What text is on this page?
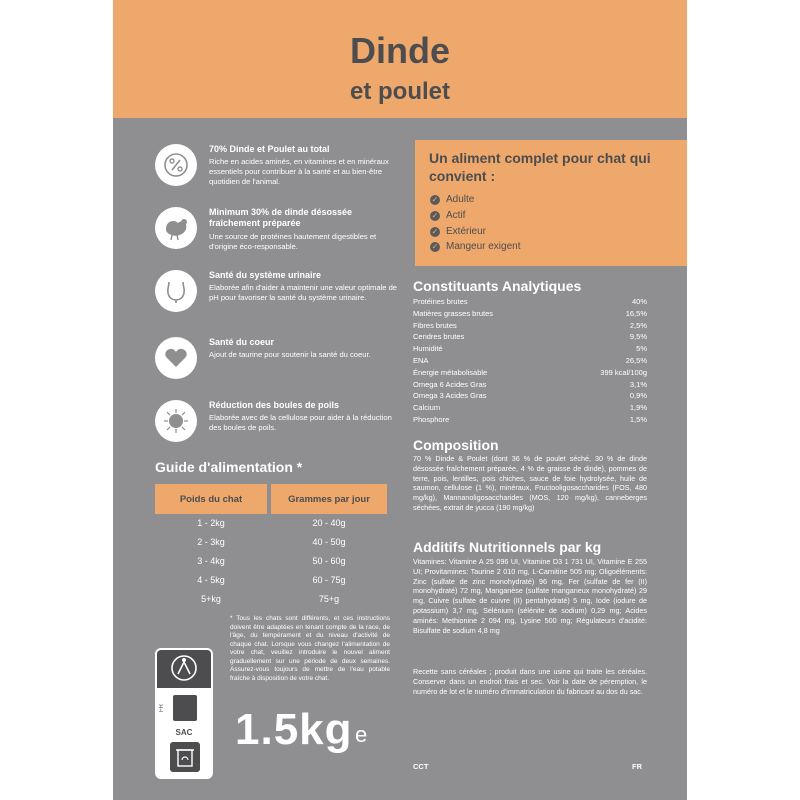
Dinde
et poulet
70% Dinde et Poulet au total
Riche en acides aminés, en vitamines et en minéraux essentiels pour contribuer à la santé et au bien-être quotidien de l'animal.
Minimum 30% de dinde désossée fraîchement préparée
Une source de protéines hautement digestibles et d'origine éco-responsable.
Santé du système urinaire
Elaborée afin d'aider à maintenir une valeur optimale de pH pour favoriser la santé du système urinaire.
Santé du coeur
Ajout de taurine pour soutenir la santé du coeur.
Réduction des boules de poils
Elaborée avec de la cellulose pour aider à la réduction des boules de poils.
Un aliment complet pour chat qui convient :
✓ Adulte
✓ Actif
✓ Extérieur
✓ Mangeur exigent
Constituants Analytiques
Protéines brutes	40%
Matières grasses brutes	16,5%
Fibres brutes	2,5%
Cendres brutes	9,5%
Humidité	5%
ENA	26,5%
Énergie métabolisable	399 kcal/100g
Omega 6 Acides Gras	3,1%
Omega 3 Acides Gras	0,9%
Calcium	1,9%
Phosphore	1,5%
Composition
70 % Dinde & Poulet (dont 36 % de poulet séché, 30 % de dinde désossée fraîchement préparée, 4 % de graisse de dinde), pommes de terre, pois, lentilles, pois chiches, sauce de foie hydrolysée, huile de saumon, cellulose (1 %), minéraux, Fructooligosaccharides (FOS, 480 mg/kg), Mannanoligosaccharides (MOS, 120 mg/kg), canneberges séchées, extrait de yucca (190 mg/kg)
Additifs Nutritionnels par kg
Vitamines: Vitamine A 25 096 UI, Vitamine D3 1 731 UI, Vitamine E 255 UI; Provitamines: Taurine 2 010 mg, L-Carnitine 505 mg; Oligoéléments: Zinc (sulfate de zinc monohydraté) 96 mg, Fer (sulfate de fer (II) monohydraté) 72 mg, Manganèse (sulfate manganeux monohydraté) 29 mg, Cuivre (sulfate de cuivre (II) pentahydraté) 5 mg, Iode (iodure de potassium) 3,7 mg, Sélénium (sélénite de sodium) 0,29 mg; Acides aminés: Methionine 2 094 mg, Lysine 500 mg; Régulateurs d'acidité: Bisulfate de sodium 4,8 mg
Recette sans céréales ; produit dans une usine qui traite les céréales. Conserver dans un endroit frais et sec. Voir la date de péremption, le numéro de lot et le numéro d'immatriculation du fabricant au dos du sac.
Guide d'alimentation *
Poids du chat	Grammes par jour
1 - 2kg	20 - 40g
2 - 3kg	40 - 50g
3 - 4kg	50 - 60g
4 - 5kg	60 - 75g
5+kg	75+g
* Tous les chats sont différents, et ces instructions doivent être adaptées en tenant compte de la race, de l'âge, du tempérament et du niveau d'activité de chaque chat. Lorsque vous changez l'alimentation de votre chat, veuillez introduire le nouvel aliment graduellement sur une période de deux semaines. Assurez-vous toujours de mettre de l'eau potable fraîche à disposition de votre chat.
FR
SAC 1.5kg e
CCT	FR
